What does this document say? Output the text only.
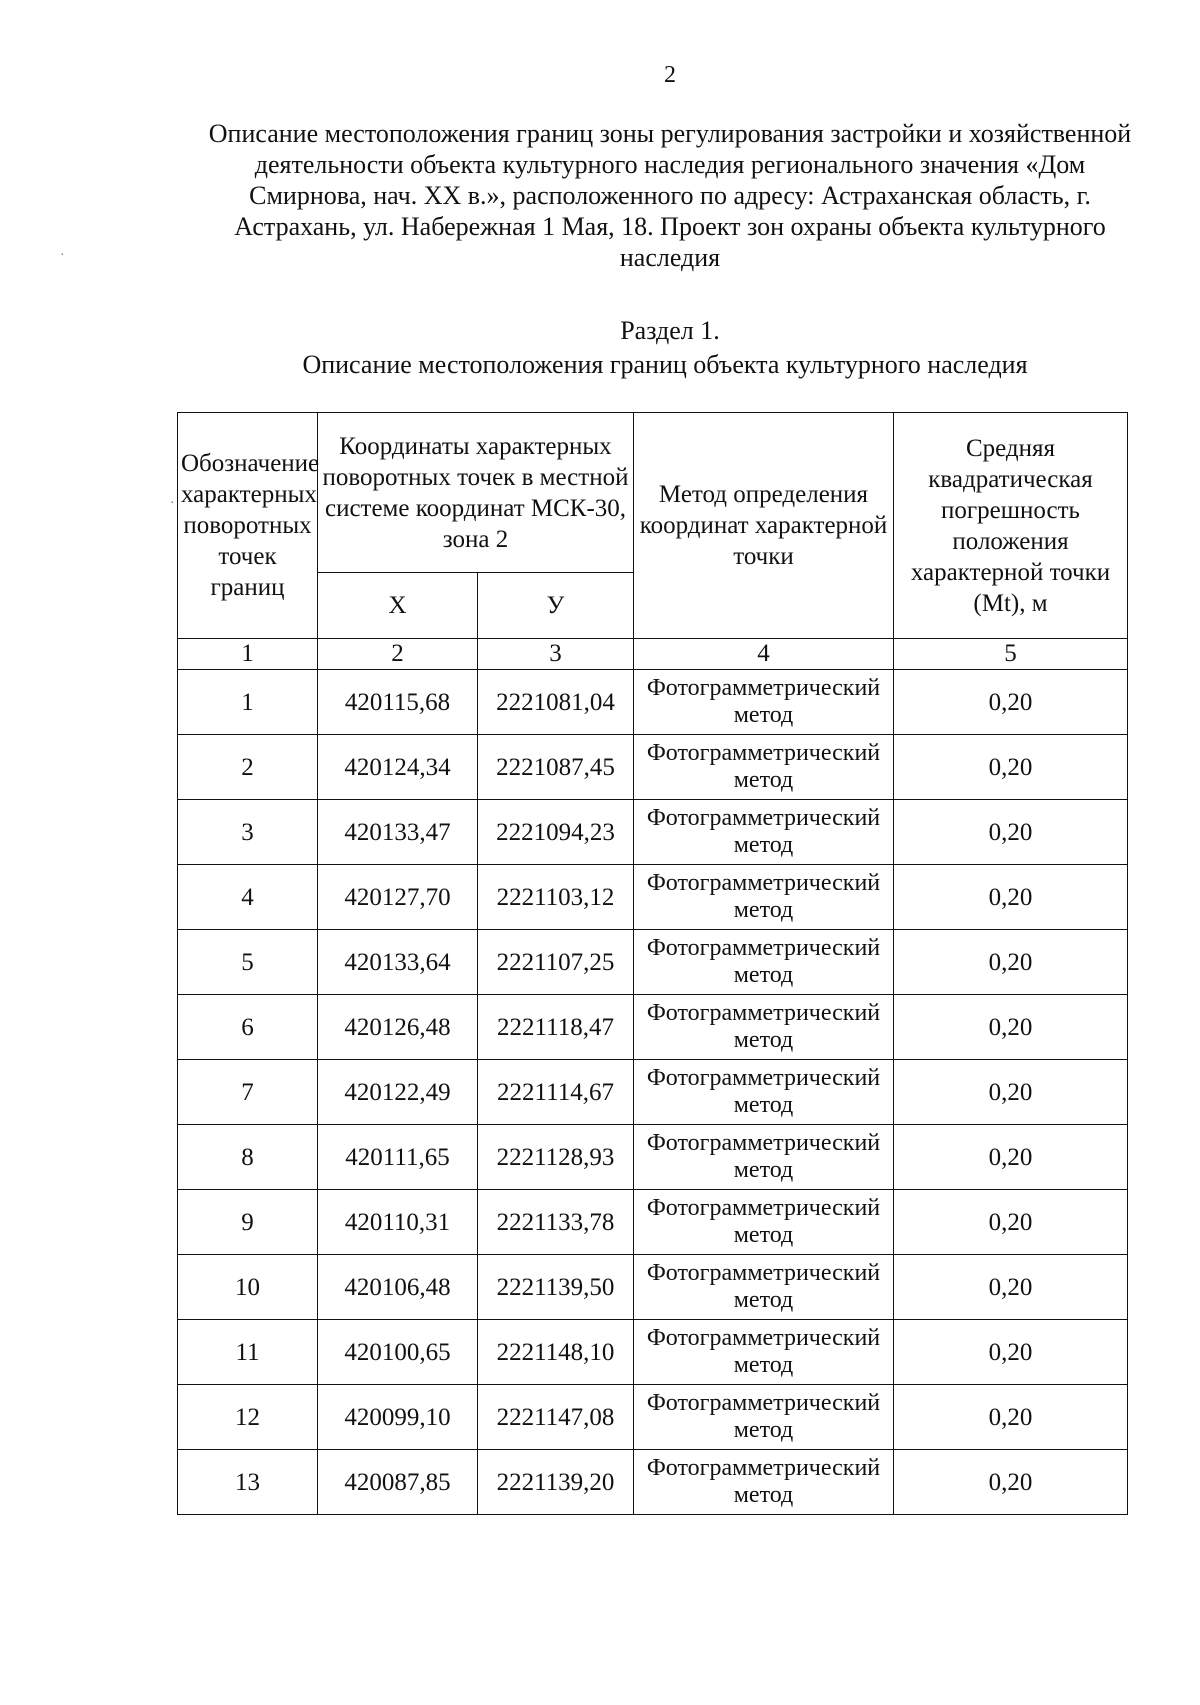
2
Описание местоположения границ зоны регулирования застройки и хозяйственной деятельности объекта культурного наследия регионального значения «Дом Смирнова, нач. XX в.», расположенного по адресу: Астраханская область, г. Астрахань, ул. Набережная 1 Мая, 18. Проект зон охраны объекта культурного наследия
Раздел 1.
Описание местоположения границ объекта культурного наследия
Обозначение характерных поворотных точек границ	Координаты характерных поворотных точек в местной системе координат МСК-30, зона 2		Метод определения координат характерной точки	Средняя квадратическая погрешность положения характерной точки (Mt), м
	X	У		
1	2	3	4	5
1	420115,68	2221081,04	Фотограмметрический метод	0,20
2	420124,34	2221087,45	Фотограмметрический метод	0,20
3	420133,47	2221094,23	Фотограмметрический метод	0,20
4	420127,70	2221103,12	Фотограмметрический метод	0,20
5	420133,64	2221107,25	Фотограмметрический метод	0,20
6	420126,48	2221118,47	Фотограмметрический метод	0,20
7	420122,49	2221114,67	Фотограмметрический метод	0,20
8	420111,65	2221128,93	Фотограмметрический метод	0,20
9	420110,31	2221133,78	Фотограмметрический метод	0,20
10	420106,48	2221139,50	Фотограмметрический метод	0,20
11	420100,65	2221148,10	Фотограмметрический метод	0,20
12	420099,10	2221147,08	Фотограмметрический метод	0,20
13	420087,85	2221139,20	Фотограмметрический метод	0,20
·
·
